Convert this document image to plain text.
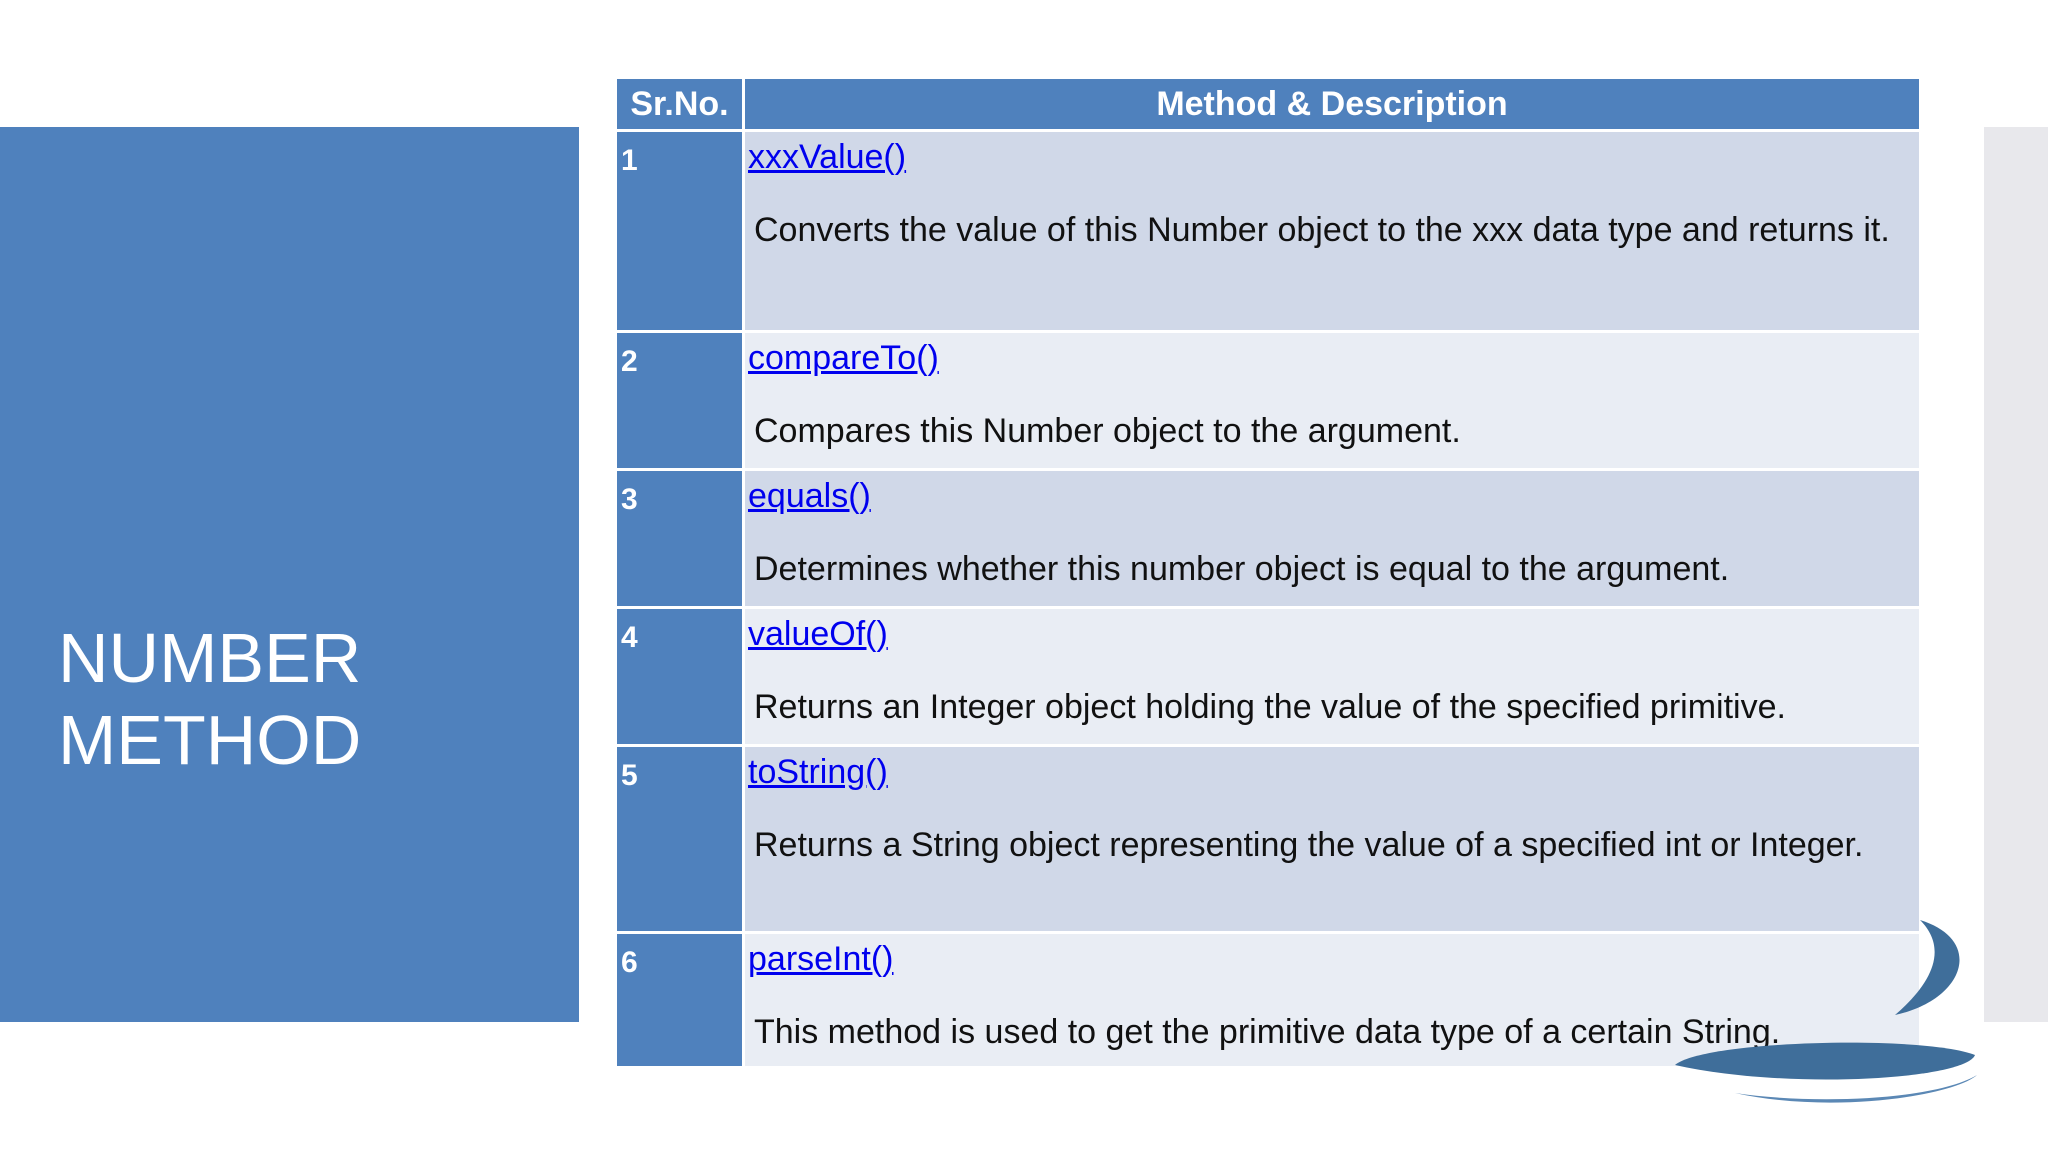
NUMBER
METHOD
Sr.No.	Method & Description
1	xxxValue()
Converts the value of this Number object to the xxx data type and returns it.

2	compareTo()
Compares this Number object to the argument.

3	equals()
Determines whether this number object is equal to the argument.

4	valueOf()
Returns an Integer object holding the value of the specified primitive.

5	toString()
Returns a String object representing the value of a specified int or Integer.

6	parseInt()
This method is used to get the primitive data type of a certain String.
